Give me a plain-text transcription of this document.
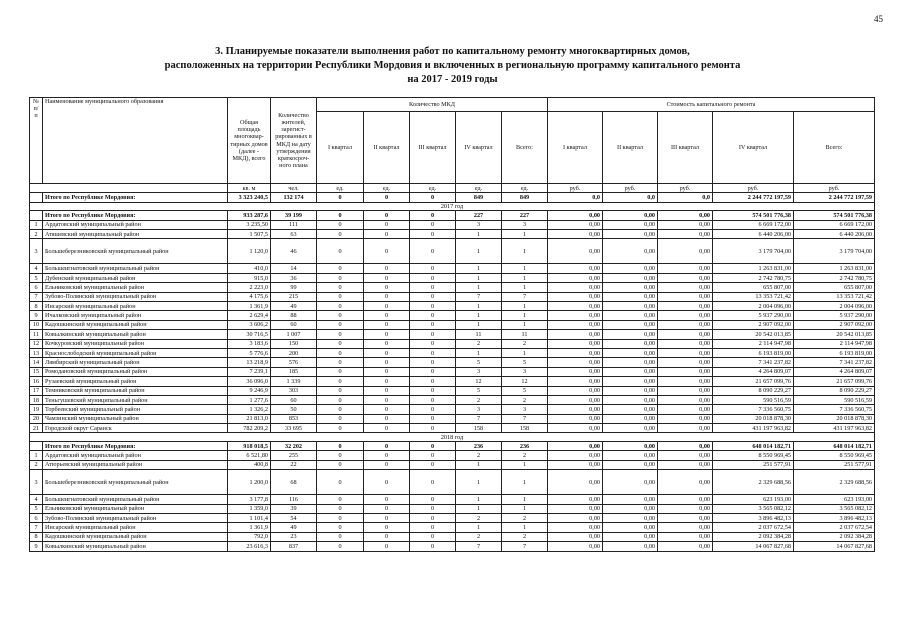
45
3. Планируемые показатели выполнения работ по капитальному ремонту многоквартирных домов,
расположенных на территории Республики Мордовия и включенных в региональную программу капитального ремонта
на 2017 - 2019 годы
№ п/п	Наименование муниципального образования	Общая площадь многоквар-тирных домов (далее - МКД), всего	Количество жителей, зарегист-рированных в МКД на дату утверждения краткосроч-ного плана	Количество МКД					Стоимость капитального ремонта				
				I квартал	II квартал	III квартал	IV квартал	Всего:	I квартал	II квартал	III квартал	IV квартал	Всего:
		кв. м	чел.	ед.	ед.	ед.	ед.	ед.	руб.	руб.	руб.	руб.	руб.
	Итого по Республике Мордовия:	3 323 240,5	132 174	0	0	0	849	849	0,0	0,0	0,0	2 244 772 197,59	2 244 772 197,59
2017 год													
	Итого по Республике Мордовия:	933 287,6	39 199	0	0	0	227	227	0,00	0,00	0,00	574 501 776,38	574 501 776,38
1	Ардатовский муниципальный район	3 235,50	111	0	0	0	3	3	0,00	0,00	0,00	6 669 172,00	6 669 172,00
2	Атяшевский муниципальный район	1 507,5	63	0	0	0	1	1	0,00	0,00	0,00	6 440 206,00	6 440 206,00
3	Большеберезниковский муниципальный район	1 120,0	46	0	0	0	1	1	0,00	0,00	0,00	3 179 704,00	3 179 704,00
4	Большеигнатовский муниципальный район	410,0	14	0	0	0	1	1	0,00	0,00	0,00	1 263 831,00	1 263 831,00
5	Дубенский муниципальный район	915,0	36	0	0	0	1	1	0,00	0,00	0,00	2 742 780,75	2 742 780,75
6	Ельниковский муниципальный район	2 223,0	99	0	0	0	1	1	0,00	0,00	0,00	655 807,00	655 807,00
7	Зубово-Полянский муниципальный район	4 175,6	215	0	0	0	7	7	0,00	0,00	0,00	13 353 721,42	13 353 721,42
8	Инсарский муниципальный район	1 361,9	49	0	0	0	1	1	0,00	0,00	0,00	2 004 096,00	2 004 096,00
9	Ичалковский муниципальный район	2 629,4	88	0	0	0	1	1	0,00	0,00	0,00	5 937 290,00	5 937 290,00
10	Кадошкинский муниципальный район	3 606,2	60	0	0	0	1	1	0,00	0,00	0,00	2 907 092,00	2 907 092,00
11	Ковылкинский муниципальный район	30 716,5	1 007	0	0	0	11	11	0,00	0,00	0,00	20 542 013,85	20 542 013,85
12	Кочкуровский муниципальный район	3 183,6	150	0	0	0	2	2	0,00	0,00	0,00	2 114 947,98	2 114 947,98
13	Краснослободский муниципальный район	5 776,6	200	0	0	0	1	1	0,00	0,00	0,00	6 193 819,00	6 193 819,00
14	Лямбирский муниципальный район	13 218,9	576	0	0	0	5	5	0,00	0,00	0,00	7 341 237,82	7 341 237,82
15	Ромодановский муниципальный район	7 239,1	185	0	0	0	3	3	0,00	0,00	0,00	4 264 809,07	4 264 809,07
16	Рузаевский муниципальный район	36 096,0	1 339	0	0	0	12	12	0,00	0,00	0,00	21 657 099,76	21 657 099,76
17	Темниковский муниципальный район	9 246,9	303	0	0	0	5	5	0,00	0,00	0,00	8 090 229,27	8 090 229,27
18	Теньгушевский муниципальный район	1 277,6	60	0	0	0	2	2	0,00	0,00	0,00	590 516,59	590 516,59
19	Торбеевский муниципальный район	1 326,2	50	0	0	0	3	3	0,00	0,00	0,00	7 336 560,75	7 336 560,75
20	Чамзинский муниципальный район	21 813,0	853	0	0	0	7	7	0,00	0,00	0,00	20 018 878,30	20 018 878,30
21	Городской округ Саранск	782 209,2	33 695	0	0	0	158	158	0,00	0,00	0,00	431 197 963,82	431 197 963,82
2018 год													
	Итого по Республике Мордовия:	918 018,5	32 202	0	0	0	236	236	0,00	0,00	0,00	648 014 182,71	648 014 182,71
1	Ардатовский муниципальный район	6 521,80	255	0	0	0	2	2	0,00	0,00	0,00	8 550 969,45	8 550 969,45
2	Атюрьевский муниципальный район	400,8	22	0	0	0	1	1	0,00	0,00	0,00	251 577,91	251 577,91
3	Большеберезниковский муниципальный район	1 200,0	68	0	0	0	1	1	0,00	0,00	0,00	2 329 688,56	2 329 688,56
4	Большеигнатовский муниципальный район	3 177,8	116	0	0	0	1	1	0,00	0,00	0,00	623 193,00	623 193,00
5	Ельниковский муниципальный район	1 359,0	39	0	0	0	1	1	0,00	0,00	0,00	3 565 082,12	3 565 082,12
6	Зубово-Полянский муниципальный район	1 101,4	54	0	0	0	2	2	0,00	0,00	0,00	3 896 482,13	3 896 482,13
7	Инсарский муниципальный район	1 361,9	49	0	0	0	1	1	0,00	0,00	0,00	2 037 672,54	2 037 672,54
8	Кадошкинский муниципальный район	792,0	23	0	0	0	2	2	0,00	0,00	0,00	2 092 384,28	2 092 384,28
9	Ковылкинский муниципальный район	23 616,3	837	0	0	0	7	7	0,00	0,00	0,00	14 067 827,68	14 067 827,68
